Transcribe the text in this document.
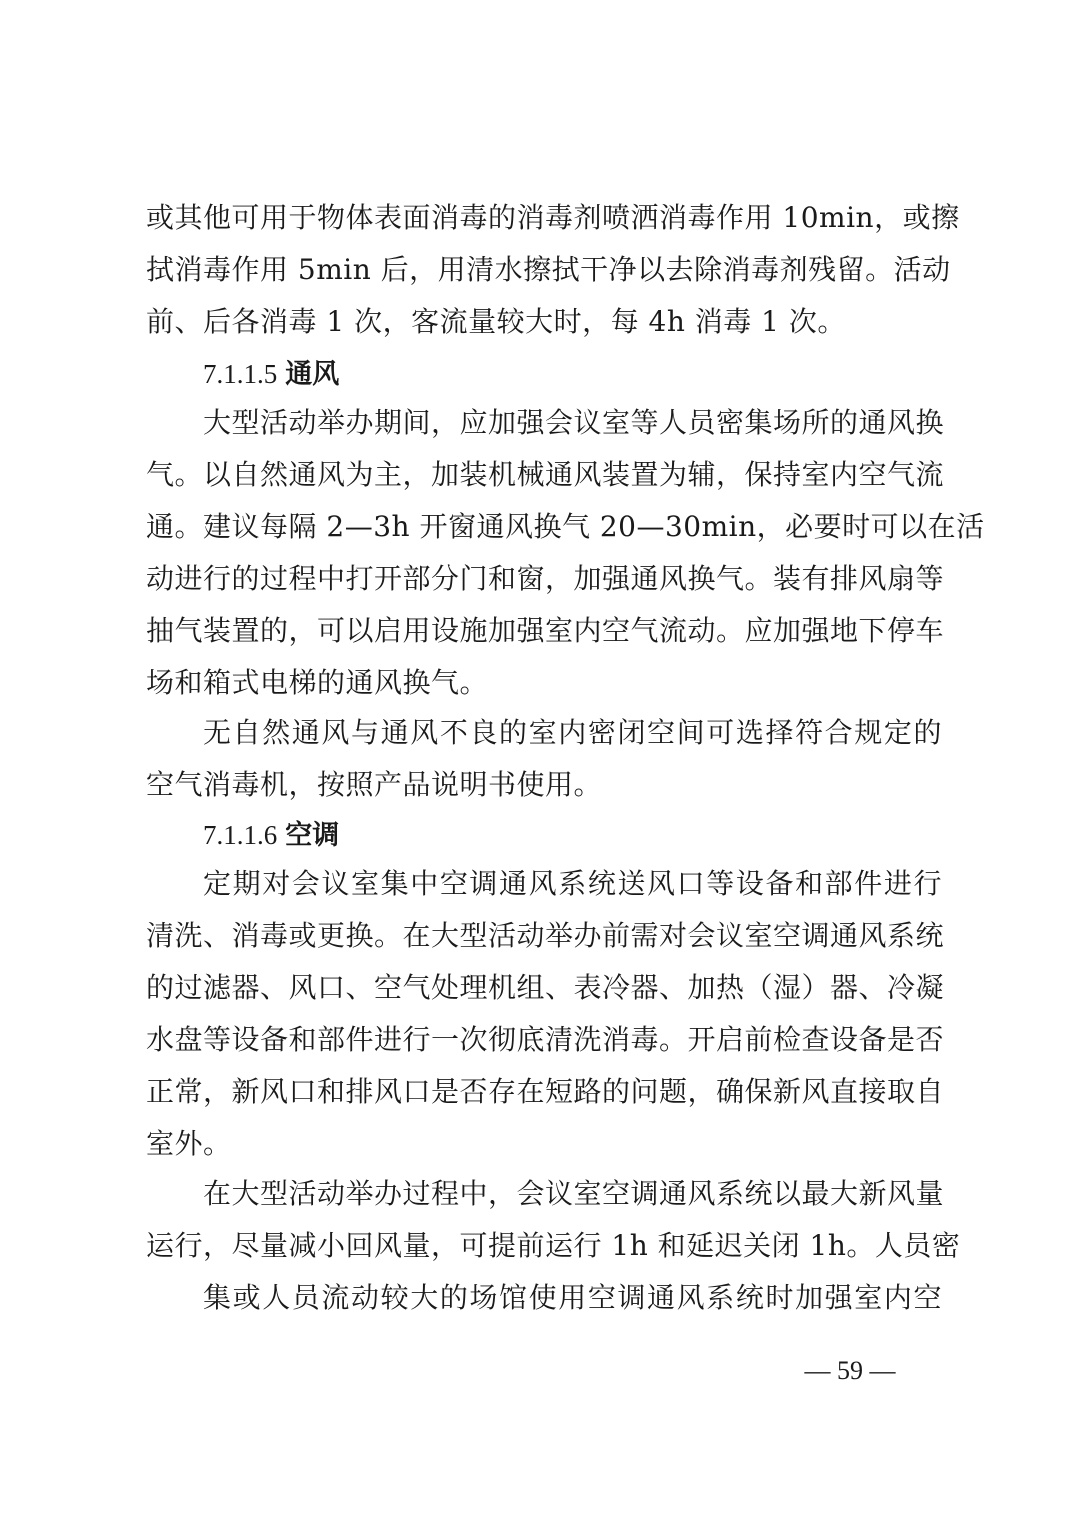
或其他可用于物体表面消毒的消毒剂喷洒消毒作用 10min，或擦
拭消毒作用 5min 后，用清水擦拭干净以去除消毒剂残留。活动
前、后各消毒 1 次，客流量较大时，每 4h 消毒 1 次。
7.1.1.5 通风
大型活动举办期间，应加强会议室等人员密集场所的通风换
气。以自然通风为主，加装机械通风装置为辅，保持室内空气流
通。建议每隔 2—3h 开窗通风换气 20—30min，必要时可以在活
动进行的过程中打开部分门和窗，加强通风换气。装有排风扇等
抽气装置的，可以启用设施加强室内空气流动。应加强地下停车
场和箱式电梯的通风换气。
无自然通风与通风不良的室内密闭空间可选择符合规定的
空气消毒机，按照产品说明书使用。
7.1.1.6 空调
定期对会议室集中空调通风系统送风口等设备和部件进行
清洗、消毒或更换。在大型活动举办前需对会议室空调通风系统
的过滤器、风口、空气处理机组、表冷器、加热（湿）器、冷凝
水盘等设备和部件进行一次彻底清洗消毒。开启前检查设备是否
正常，新风口和排风口是否存在短路的问题，确保新风直接取自
室外。
在大型活动举办过程中，会议室空调通风系统以最大新风量
运行，尽量减小回风量，可提前运行 1h 和延迟关闭 1h。人员密
集或人员流动较大的场馆使用空调通风系统时加强室内空
— 59 —
